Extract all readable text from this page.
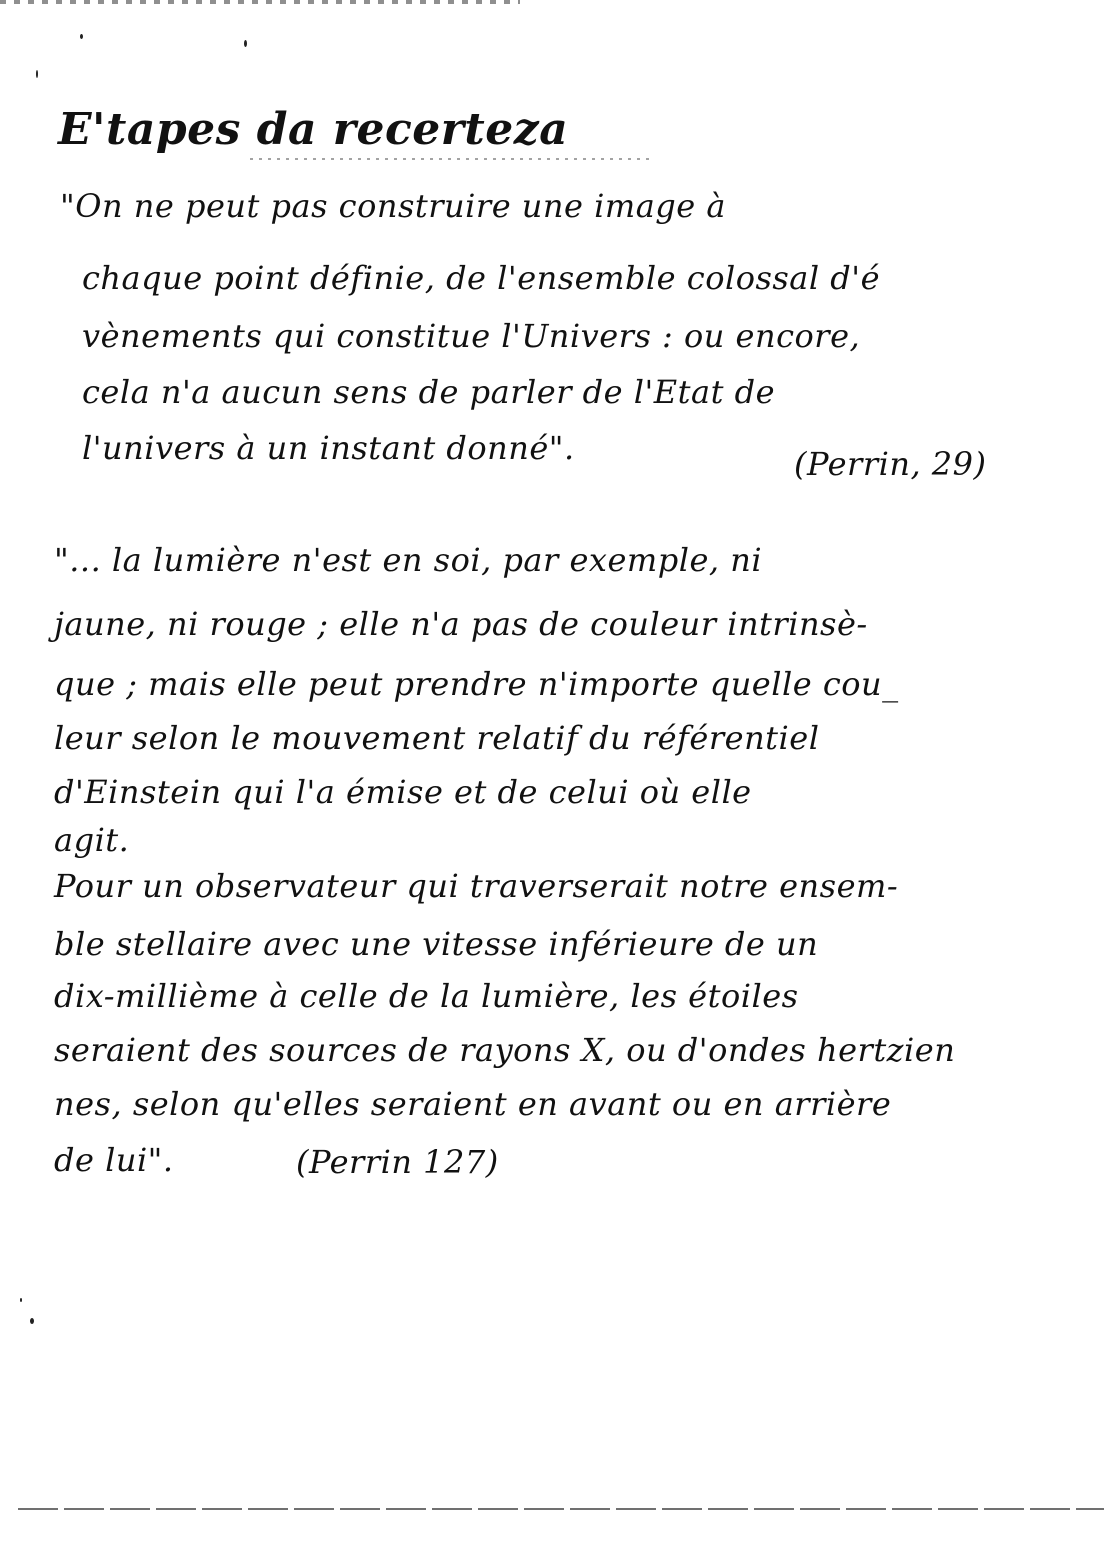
E'tapes da recerteza

"On ne peut pas construire une image à

chaque point définie, de l'ensemble colossal d'é

vènements qui constitue l'Univers : ou encore,

cela n'a aucun sens de parler de l'Etat de

l'univers à un instant donné".	(Perrin, 29)

"... la lumière n'est en soi, par exemple, ni

jaune, ni rouge ; elle n'a pas de couleur intrinsè-

que ; mais elle peut prendre n'importe quelle cou_

leur selon le mouvement relatif du référentiel

d'Einstein qui l'a émise et de celui où elle

agit.

Pour un observateur qui traverserait notre ensem-

ble stellaire avec une vitesse inférieure de un

dix-millième à celle de la lumière, les étoiles

seraient des sources de rayons X, ou d'ondes hertzien

nes, selon qu'elles seraient en avant ou en arrière

de lui".	(Perrin 127)
